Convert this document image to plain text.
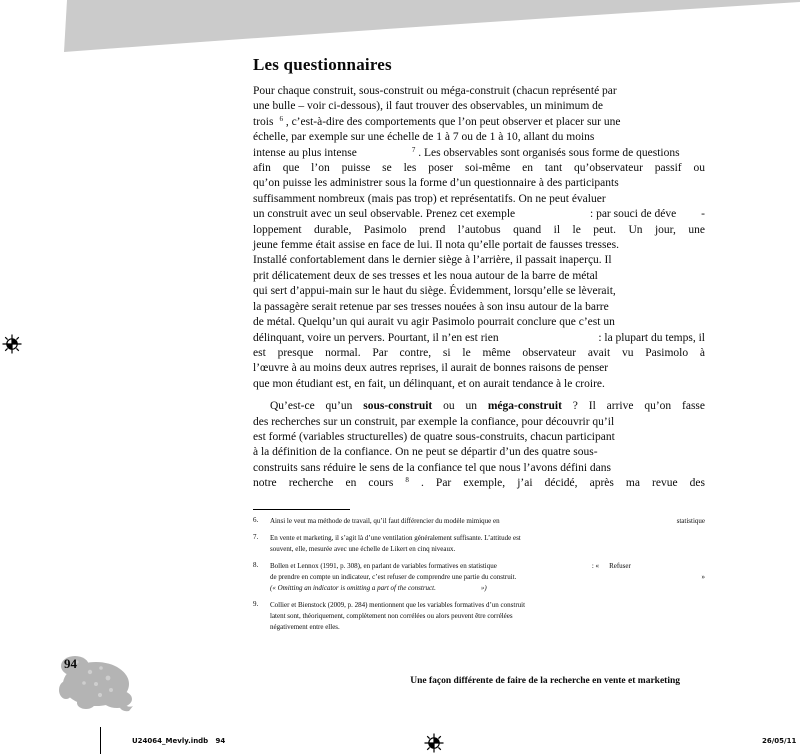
Les questionnaires
Pour chaque construit, sous-construit ou méga-construit (chacun représenté par
une bulle – voir ci-dessous), il faut trouver des observables, un minimum de
trois $^6$ , c’est-à-dire des comportements que l’on peut observer et placer sur une
échelle, par exemple sur une échelle de 1 à 7 ou de 1 à 10, allant du moins
intense au plus intense	$^7$ . Les observables sont organisés sous forme de questions
afin que l’on puisse se les poser soi-même en tant qu’observateur passif ou
qu’on puisse les administrer sous la forme d’un questionnaire à des participants
suffisamment nombreux (mais pas trop) et représentatifs. On ne peut évaluer
un construit avec un seul observable. Prenez cet exemple	: par souci de déve -
loppement durable, Pasimolo prend l’autobus quand il le peut. Un jour, une
jeune femme était assise en face de lui. Il nota qu’elle portait de fausses tresses.
Installé confortablement dans le dernier siège à l’arrière, il passait inaperçu. Il
prit délicatement deux de ses tresses et les noua autour de la barre de métal
qui sert d’appui-main sur le haut du siège. Évidemment, lorsqu’elle se lèverait,
la passagère serait retenue par ses tresses nouées à son insu autour de la barre
de métal. Quelqu’un qui aurait vu agir Pasimolo pourrait conclure que c’est un
délinquant, voire un pervers. Pourtant, il n’en est rien	: la plupart du temps, il
est presque normal. Par contre, si le même observateur avait vu Pasimolo à
l’œuvre à au moins deux autres reprises, il aurait de bonnes raisons de penser
que mon étudiant est, en fait, un délinquant, et on aurait tendance à le croire.
Qu’est-ce qu’un sous-construit ou un méga-construit ? Il arrive qu’on fasse
des recherches sur un construit, par exemple la confiance, pour découvrir qu’il
est formé (variables structurelles) de quatre sous-construits, chacun participant
à la définition de la confiance. On ne peut se départir d’un des quatre sous-
construits sans réduire le sens de la confiance tel que nous l’avons défini dans
notre recherche en cours $^8$ . Par exemple, j’ai décidé, après ma revue des
6.	Ainsi le veut ma méthode de travail, qu’il faut différencier du modèle mimique en	statistique
7.	En vente et marketing, il s’agit là d’une ventilation généralement suffisante. L’attitude est
souvent, elle, mesurée avec une échelle de Likert en cinq niveaux.
8.	Bollen et Lennox (1991, p. 308), en parlant de variables formatives en statistique	: « Refuser
de prendre en compte un indicateur, c’est refuser de comprendre une partie du construit.	»
(« Omitting an indicator is omitting a part of the construct.	»)
9.	Collier et Bienstock (2009, p. 284) mentionnent que les variables formatives d’un construit
latent sont, théoriquement, complètement non corrélées ou alors peuvent être corrélées
négativement entre elles.
94
Une façon différente de faire de la recherche en vente et marketing
U24064_Mevly.indb   94	26/05/11
